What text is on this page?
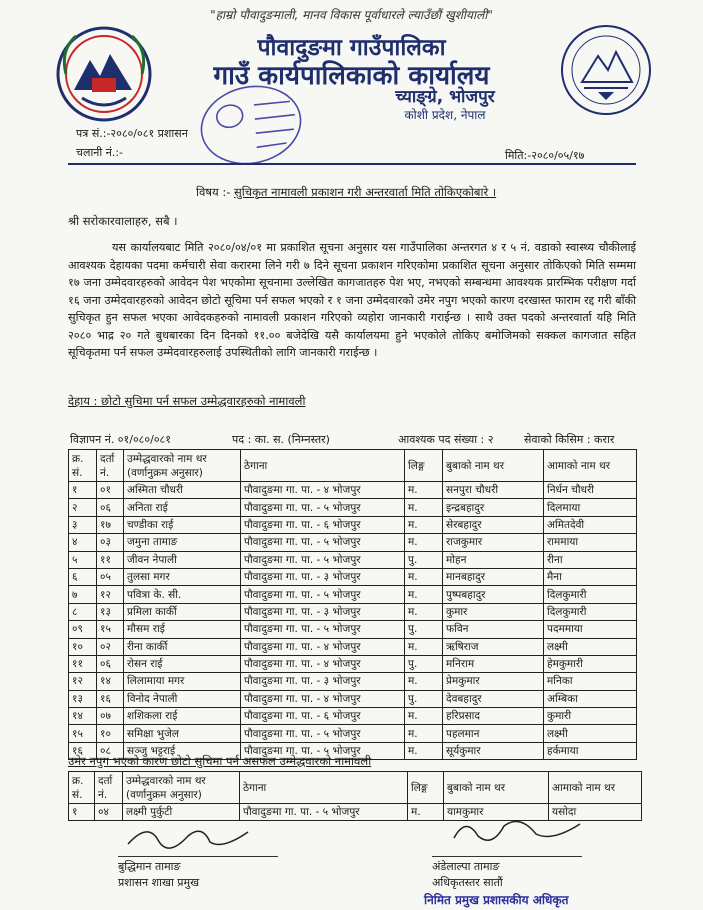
"हाम्रो पौवादुङमाली, मानव विकास पूर्वाधारले ल्याउँछौं खुशीयाली"
पौवादुङमा गाउँपालिका
गाउँ कार्यपालिकाको कार्यालय
च्याङ्ग्रे, भोजपुर
कोशी प्रदेश, नेपाल
पत्र सं.:-२०८०/०८१ प्रशासन
चलानी नं.:-	मिति:-२०८०/०५/१७
विषय :- सुचिकृत नामावली प्रकाशन गरी अन्तरवार्ता मिति तोकिएकोबारे ।
श्री सरोकारवालाहरु, सबै ।
यस कार्यालयबाट मिति २०८०/०४/०१ मा प्रकाशित सूचना अनुसार यस गाउँपालिका अन्तरगत ४ र ५ नं. वडाको स्वास्थ्य चौकीलाई आवश्यक देहायका पदमा कर्मचारी सेवा करारमा लिने गरी ७ दिने सूचना प्रकाशन गरिएकोमा प्रकाशित सूचना अनुसार तोकिएको मिति सम्ममा १७ जना उम्मेदवारहरुको आवेदन पेश भएकोमा सूचनामा उल्लेखित कागजातहरु पेश भए, नभएको सम्बन्धमा आवश्यक प्रारम्भिक परीक्षण गर्दा १६ जना उम्मेदवारहरुको आवेदन छोटो सूचिमा पर्न सफल भएको र १ जना उम्मेदवारको उमेर नपुग भएको कारण दरखास्त फाराम रद्द गरी बाँकी सुचिकृत हुन सफल भएका आवेदकहरुको नामावली प्रकाशन गरिएको व्यहोरा जानकारी गराईन्छ । साथै उक्त पदको अन्तरवार्ता यहि मिति २०८० भाद्र २० गते बुधबारका दिन दिनको ११.०० बजेदेखि यसै कार्यालयमा हुने भएकोले तोकिए बमोजिमको सक्कल कागजात सहित सूचिकृतमा पर्न सफल उम्मेदवारहरुलाई उपस्थितीको लागि जानकारी गराईन्छ ।
देहाय : छोटो सुचिमा पर्न सफल उम्मेद्धवारहरुको नामावली
विज्ञापन नं. ०१/०८०/०८१	पद : का. स. (निम्नस्तर)	आवश्यक पद संख्या : २	सेवाको किसिम : करार
क्र. सं.	दर्ता नं.	उम्मेद्धवारको नाम थर (वर्णानुक्रम अनुसार)	ठेगाना	लिङ्ग	बुबाको नाम थर	आमाको नाम थर
१	०१	अस्मिता चौधरी	पौवादुङमा गा. पा. - ४ भोजपुर	म.	सनपुरा चौधरी	निर्धन चौधरी
२	०६	अनिता राई	पौवादुङमा गा. पा. - ५ भोजपुर	म.	इन्द्रबहादुर	दिलमाया
३	१७	चण्डीका राई	पौवादुङमा गा. पा. - ६ भोजपुर	म.	सेरबहादुर	अमितदेवी
४	०३	जमुना तामाङ	पौवादुङमा गा. पा. - ५ भोजपुर	म.	राजकुमार	राममाया
५	११	जीवन नेपाली	पौवादुङमा गा. पा. - ५ भोजपुर	पु.	मोहन	रीना
६	०५	तुलसा मगर	पौवादुङमा गा. पा. - ३ भोजपुर	म.	मानबहादुर	मैना
७	१२	पवित्रा के. सी.	पौवादुङमा गा. पा. - ५ भोजपुर	म.	पुष्पबहादुर	दिलकुमारी
८	१३	प्रमिला कार्की	पौवादुङमा गा. पा. - ३ भोजपुर	म.	कुमार	दिलकुमारी
०९	१५	मौसम राई	पौवादुङमा गा. पा. - ५ भोजपुर	पु.	फविन	पदममाया
१०	०२	रीना कार्की	पौवादुङमा गा. पा. - ४ भोजपुर	म.	ऋषिराज	लक्ष्मी
११	०६	रोसन राई	पौवादुङमा गा. पा. - ४ भोजपुर	पु.	मनिराम	हेमकुमारी
१२	१४	लिलामाया मगर	पौवादुङमा गा. पा. - ३ भोजपुर	म.	प्रेमकुमार	मनिका
१३	१६	विनोद नेपाली	पौवादुङमा गा. पा. - ४ भोजपुर	पु.	देवबहादुर	अम्बिका
१४	०७	शशिकला राई	पौवादुङमा गा. पा. - ६ भोजपुर	म.	हरिप्रसाद	कुमारी
१५	१०	समिक्षा भुजेल	पौवादुङमा गा. पा. - ५ भोजपुर	म.	पहलमान	लक्ष्मी
१६	०८	सञ्जु भट्टराई	पौवादुङमा गा. पा. - ५ भोजपुर	म.	सूर्यकुमार	हर्कमाया
उमेर नपुग भएको कारण छोटो सुचिमा पर्न असफल उम्मेद्धवारको नामावली
क्र. सं.	दर्ता नं.	उम्मेद्धवारको नाम थर (वर्णानुक्रम अनुसार)	ठेगाना	लिङ्ग	बुबाको नाम थर	आमाको नाम थर
१	०४	लक्ष्मी पुर्कुटी	पौवादुङमा गा. पा. - ५ भोजपुर	म.	यामकुमार	यसोदा
बुद्धिमान तामाङ
प्रशासन शाखा प्रमुख
अंडेलाल्पा तामाङ
अधिकृतस्तर सातौं
निमित प्रमुख प्रशासकीय अधिकृत
